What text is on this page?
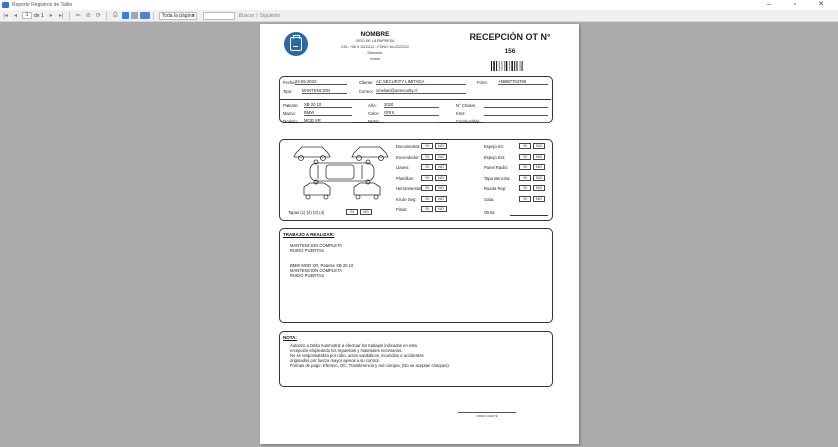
Reporte Registros de Taller	–	▫	✕
|◂	◂	1	de 1 ▸	▸|	⇐ ⊘ ⟳	⎙	Toda la página ▾	Buscar | Siguiente
NOMBRE
GIRO DE LA EMPRESA
CEL: +56 9 11111111 - FONO: 64-2222222
Dirección
correo
RECEPCIÓN OT N°
156
Fecha: 24-06-2022	Cliente: AC SECURITY LIMITADA	Fono: +56987704789
Tipo: MANTENCION	Correo: cmelian@acsecurity.cl
Patente: XB 20 10	Año: 2020	N° Chasis:
Marca: BMW	Color: GRIS	Kms:
Modelo: MOD XR	Motor:	Combustible:
Tapas (1) (2) (3) (4)	SI	NO
Documentos:	SI	NO
Encendedor:	SI	NO
Llaves:	SI	NO
Plumillas:	SI	NO
Herramientas: SI	NO
Kit de Seg:	SI	NO
Pisos:	SI	NO
Espejo Int:	SI	NO
Espejo Ext:	SI	NO
Panel Radio:	SI	NO
Tapa Bencina:	SI	NO
Rueda Rep:	SI	NO
Gata:	SI	NO
Otros:
TRABAJO A REALIZAR:
MANTENCION COMPLETA
RUIDO PUERTAS
BMW MOD XR, Patente XB 20 10
MANTENCION COMPLETA
RUIDO PUERTAS
NOTA:
Autorizo a Delta Automotriz a efectuar los trabajos indicados en esta
recepción empleando los repuestos y materiales necesarios.
No se responsabiliza por robo, actos vandálicos, incendios o accidentes
originados por fuerza mayor ajenos a su control.
Formas de pago: Efectivo, OC, Transferencia y red compra, (No se aceptan cheques).
FIRMA CLIENTE
